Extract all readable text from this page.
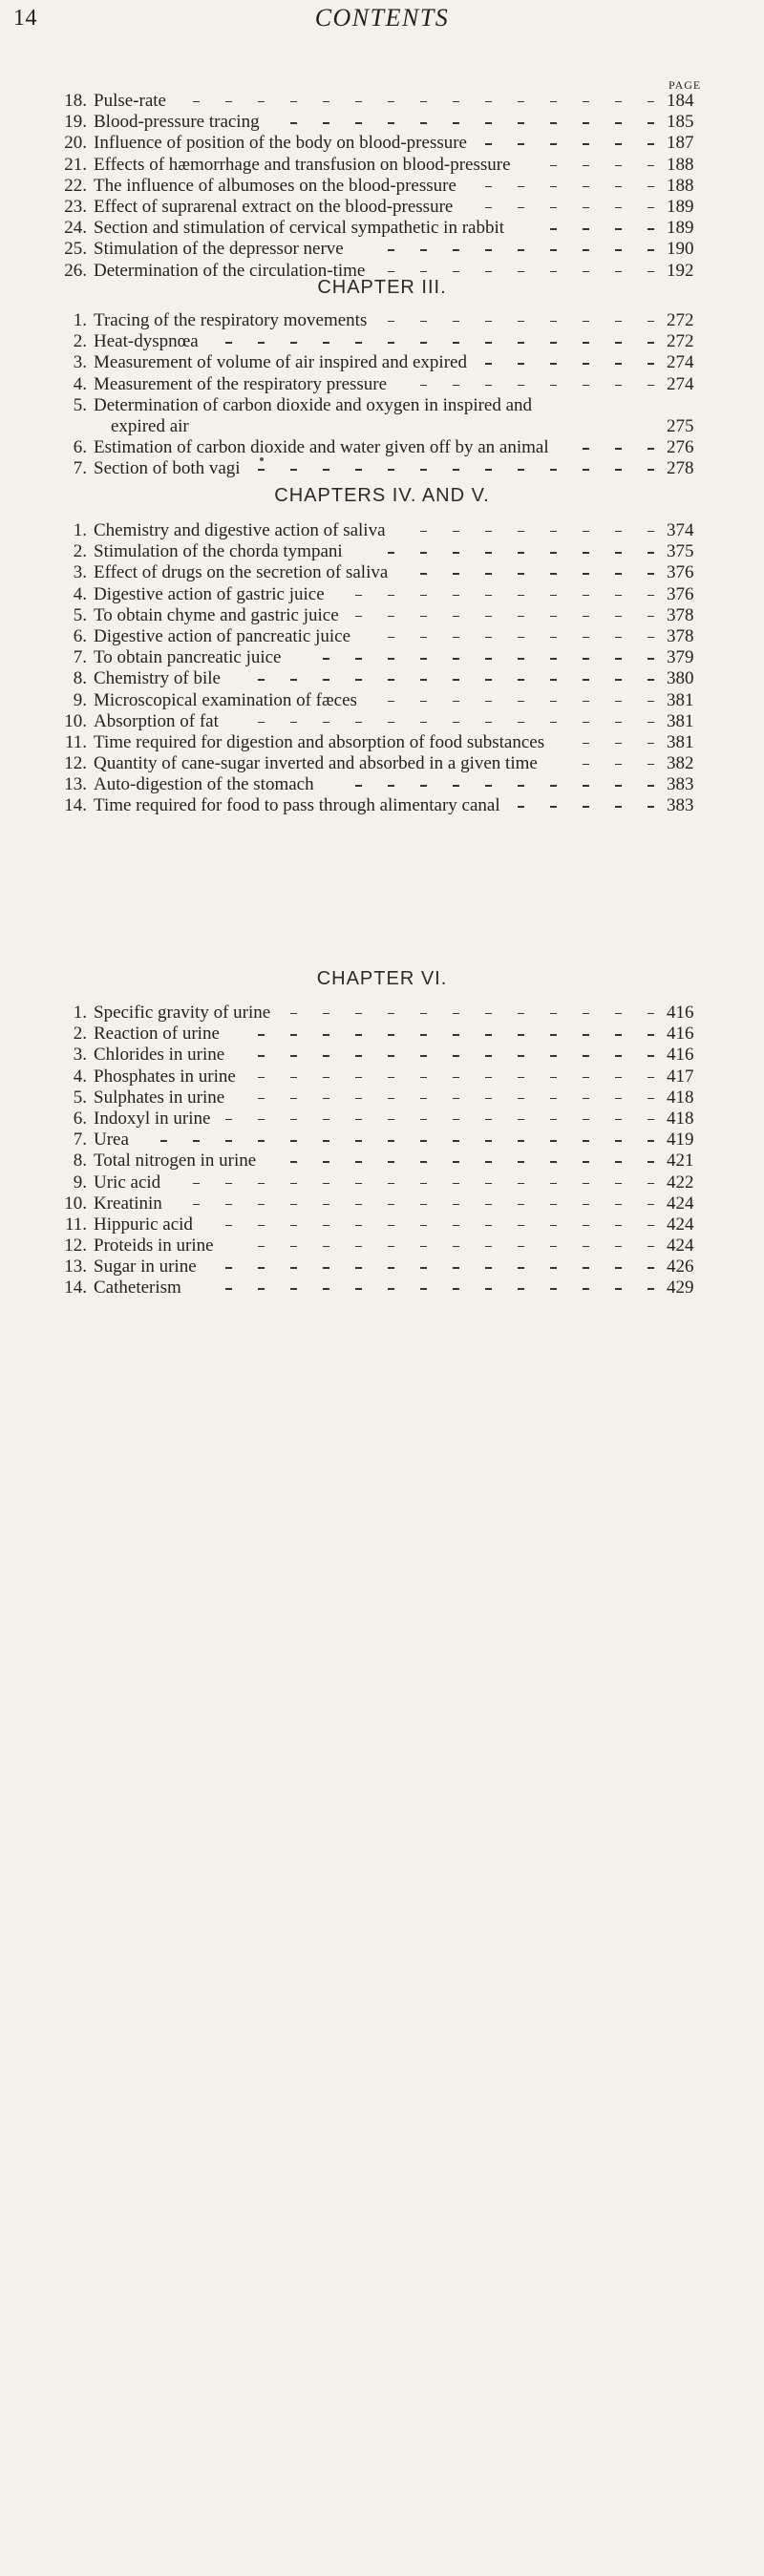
14	CONTENTS
PAGE
18. Pulse-rate	184
19. Blood-pressure tracing	185
20. Influence of position of the body on blood-pressure	187
21. Effects of hæmorrhage and transfusion on blood-pressure	188
22. The influence of albumoses on the blood-pressure	188
23. Effect of suprarenal extract on the blood-pressure	189
24. Section and stimulation of cervical sympathetic in rabbit	189
25. Stimulation of the depressor nerve	190
26. Determination of the circulation-time	192
CHAPTER III.
1. Tracing of the respiratory movements	272
2. Heat-dyspnœa	272
3. Measurement of volume of air inspired and expired	274
4. Measurement of the respiratory pressure	274
5. Determination of carbon dioxide and oxygen in inspired and
expired air	275
6. Estimation of carbon dioxide and water given off by an animal	276
7. Section of both vagi	278
CHAPTERS IV. AND V.
1. Chemistry and digestive action of saliva	374
2. Stimulation of the chorda tympani	375
3. Effect of drugs on the secretion of saliva	376
4. Digestive action of gastric juice	376
5. To obtain chyme and gastric juice	378
6. Digestive action of pancreatic juice	378
7. To obtain pancreatic juice	379
8. Chemistry of bile	380
9. Microscopical examination of fæces	381
10. Absorption of fat	381
11. Time required for digestion and absorption of food substances	381
12. Quantity of cane-sugar inverted and absorbed in a given time	382
13. Auto-digestion of the stomach	383
14. Time required for food to pass through alimentary canal	383
CHAPTER VI.
1. Specific gravity of urine	416
2. Reaction of urine	416
3. Chlorides in urine	416
4. Phosphates in urine	417
5. Sulphates in urine	418
6. Indoxyl in urine	418
7. Urea	419
8. Total nitrogen in urine	421
9. Uric acid	422
10. Kreatinin	424
11. Hippuric acid	424
12. Proteids in urine	424
13. Sugar in urine	426
14. Catheterism	429
